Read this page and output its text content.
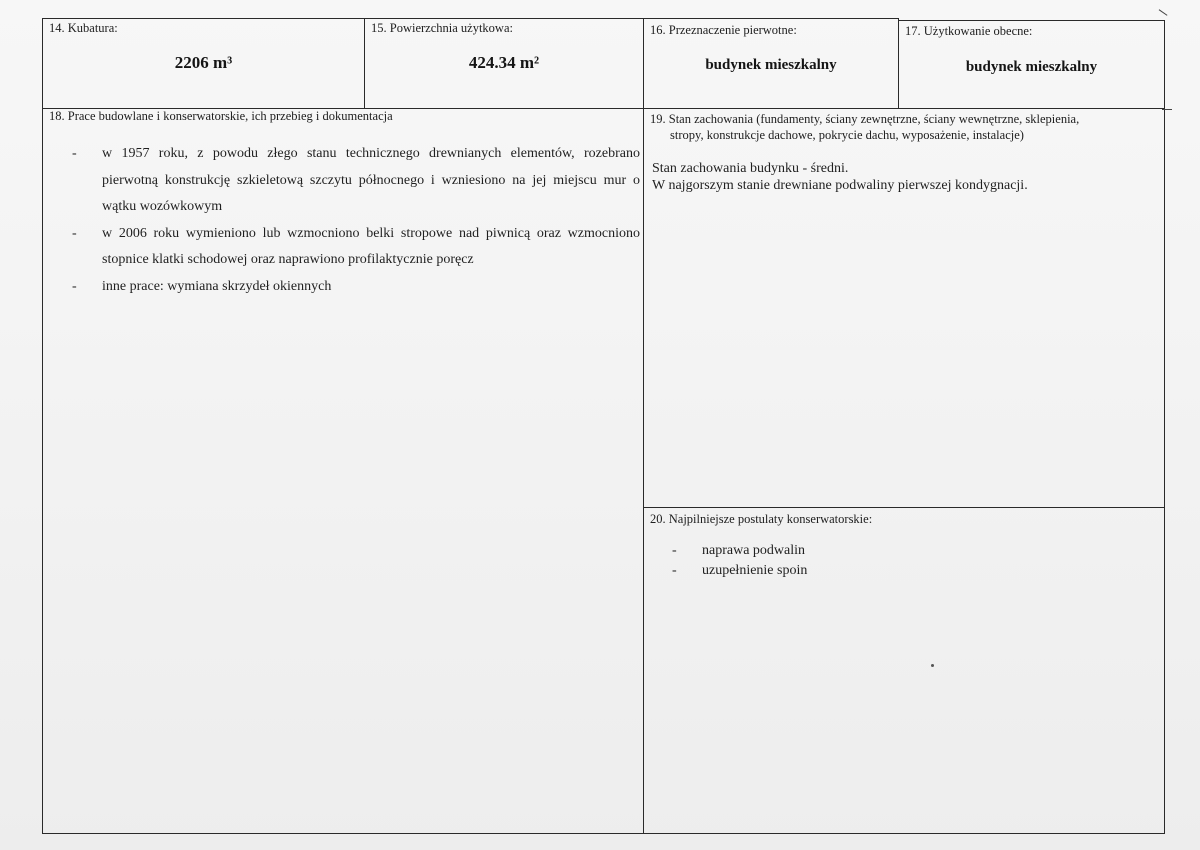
14. Kubatura:
2206 m³
15. Powierzchnia użytkowa:
424.34 m²
16. Przeznaczenie pierwotne:
budynek mieszkalny
17. Użytkowanie obecne:
budynek mieszkalny
18. Prace budowlane i konserwatorskie, ich przebieg i dokumentacja
- w 1957 roku, z powodu złego stanu technicznego drewnianych elementów, rozebrano pierwotną konstrukcję szkieletową szczytu północnego i wzniesiono na jej miejscu mur o wątku wozówkowym
- w 2006 roku wymieniono lub wzmocniono belki stropowe nad piwnicą oraz wzmocniono stopnice klatki schodowej oraz naprawiono profilaktycznie poręcz
- inne prace: wymiana skrzydeł okiennych
19. Stan zachowania (fundamenty, ściany zewnętrzne, ściany wewnętrzne, sklepienia,
stropy, konstrukcje dachowe, pokrycie dachu, wyposażenie, instalacje)
Stan zachowania budynku - średni.
W najgorszym stanie drewniane podwaliny pierwszej kondygnacji.
20. Najpilniejsze postulaty konserwatorskie:
- naprawa podwalin
- uzupełnienie spoin
